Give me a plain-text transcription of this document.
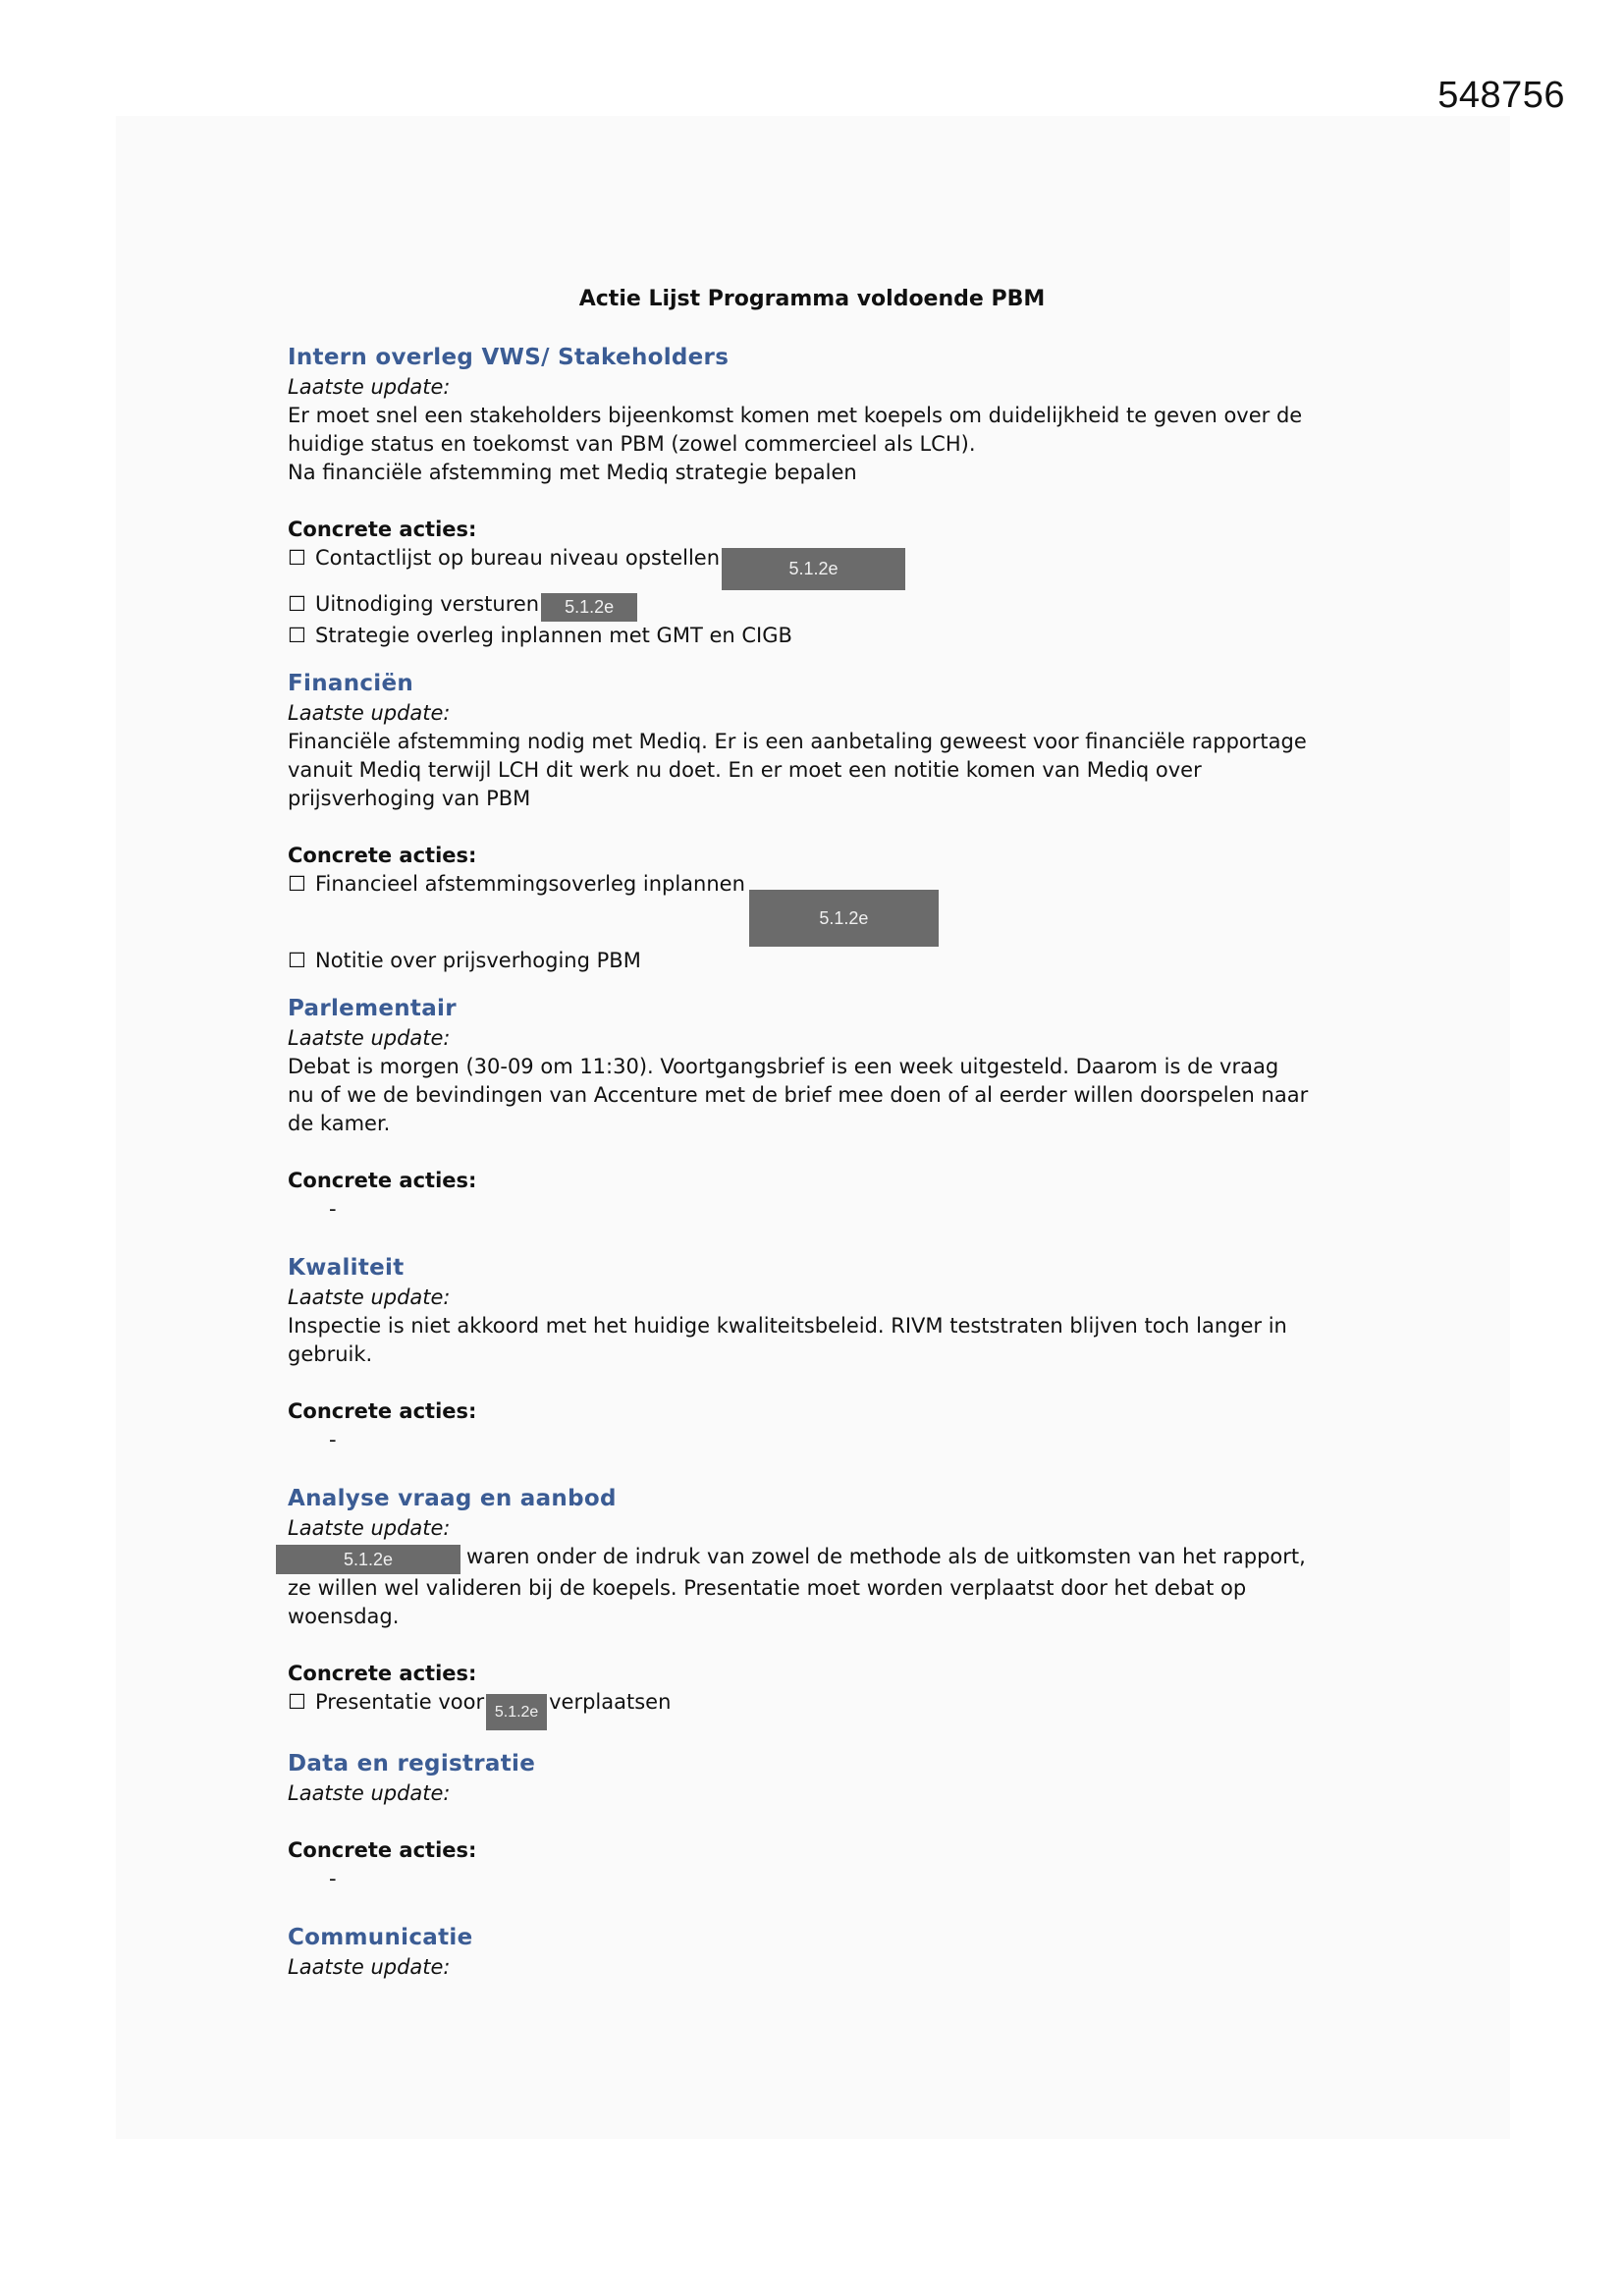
548756
Actie Lijst Programma voldoende PBM

Intern overleg VWS/ Stakeholders

Laatste update:

Er moet snel een stakeholders bijeenkomst komen met koepels om duidelijkheid te geven over de

huidige status en toekomst van PBM (zowel commercieel als LCH).

Na financiële afstemming met Mediq strategie bepalen

Concrete acties:
☐ Contactlijst op bureau niveau opstellen	5.1.2e
☐ Uitnodiging versturen 5.1.2e
☐ Strategie overleg inplannen met GMT en CIGB

Financiën

Laatste update:

Financiële afstemming nodig met Mediq. Er is een aanbetaling geweest voor financiële rapportage

vanuit Mediq terwijl LCH dit werk nu doet. En er moet een notitie komen van Mediq over

prijsverhoging van PBM

Concrete acties:
☐ Financieel afstemmingsoverleg inplannen5.1.2e
☐ Notitie over prijsverhoging PBM

Parlementair

Laatste update:

Debat is morgen (30-09 om 11:30). Voortgangsbrief is een week uitgesteld. Daarom is de vraag

nu of we de bevindingen van Accenture met de brief mee doen of al eerder willen doorspelen naar

de kamer.

Concrete acties:
-

Kwaliteit

Laatste update:

Inspectie is niet akkoord met het huidige kwaliteitsbeleid. RIVM teststraten blijven toch langer in

gebruik.

Concrete acties:
-

Analyse vraag en aanbod

Laatste update:

5.1.2e	waren onder de indruk van zowel de methode als de uitkomsten van het rapport,

ze willen wel valideren bij de koepels. Presentatie moet worden verplaatst door het debat op

woensdag.

Concrete acties:
☐ Presentatie voor 5.1.2e verplaatsen

Data en registratie

Laatste update:

Concrete acties:
-

Communicatie

Laatste update:
